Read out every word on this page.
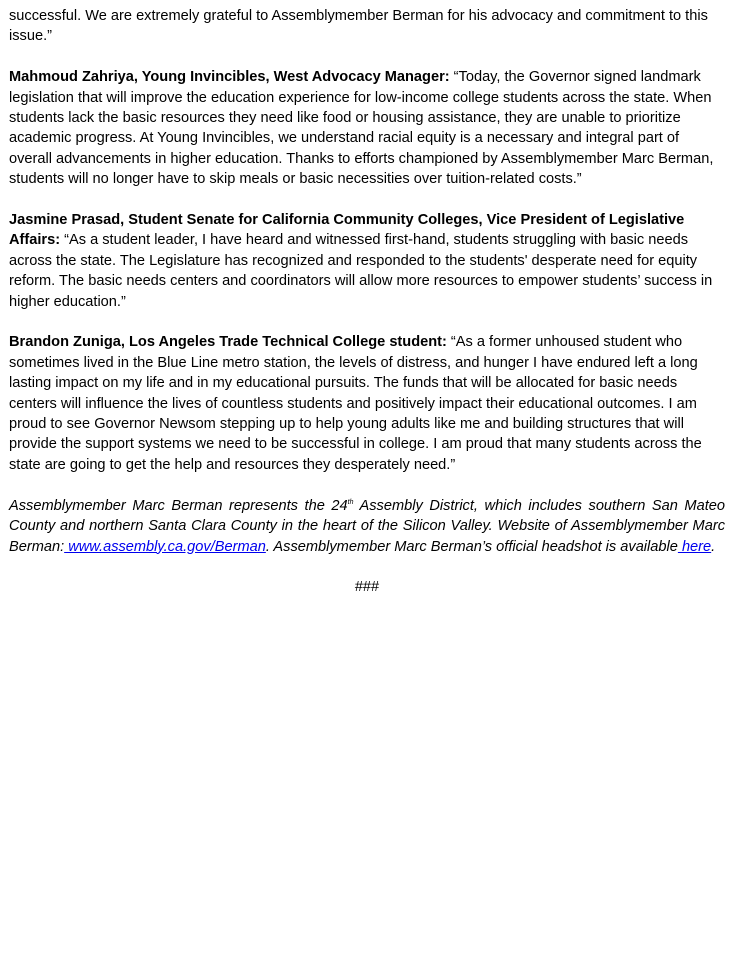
successful. We are extremely grateful to Assemblymember Berman for his advocacy and commitment to this issue.”

Mahmoud Zahriya, Young Invincibles, West Advocacy Manager: “Today, the Governor signed landmark legislation that will improve the education experience for low-income college students across the state. When students lack the basic resources they need like food or housing assistance, they are unable to prioritize academic progress. At Young Invincibles, we understand racial equity is a necessary and integral part of overall advancements in higher education. Thanks to efforts championed by Assemblymember Marc Berman, students will no longer have to skip meals or basic necessities over tuition-related costs.”

Jasmine Prasad, Student Senate for California Community Colleges, Vice President of Legislative Affairs: “As a student leader, I have heard and witnessed first-hand, students struggling with basic needs across the state. The Legislature has recognized and responded to the students' desperate need for equity reform. The basic needs centers and coordinators will allow more resources to empower students’ success in higher education.”

Brandon Zuniga, Los Angeles Trade Technical College student: “As a former unhoused student who sometimes lived in the Blue Line metro station, the levels of distress, and hunger I have endured left a long lasting impact on my life and in my educational pursuits. The funds that will be allocated for basic needs centers will influence the lives of countless students and positively impact their educational outcomes. I am proud to see Governor Newsom stepping up to help young adults like me and building structures that will provide the support systems we need to be successful in college. I am proud that many students across the state are going to get the help and resources they desperately need.”

Assemblymember Marc Berman represents the 24th Assembly District, which includes southern San Mateo County and northern Santa Clara County in the heart of the Silicon Valley. Website of Assemblymember Marc Berman: www.assembly.ca.gov/Berman. Assemblymember Marc Berman’s official headshot is available here.

###
